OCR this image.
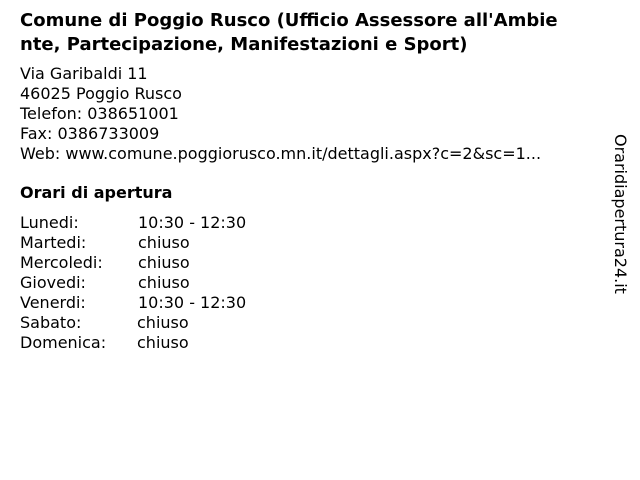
Comune di Poggio Rusco (Ufficio Assessore all'Ambie
nte, Partecipazione, Manifestazioni e Sport)
Via Garibaldi 11
46025 Poggio Rusco
Telefon: 038651001
Fax: 0386733009
Web: www.comune.poggiorusco.mn.it/dettagli.aspx?c=2&sc=1...
Orari di apertura
Lunedi:	10:30 - 12:30
Martedi:	chiuso
Mercoledi: chiuso
Giovedi:	chiuso
Venerdi:	10:30 - 12:30
Sabato:	chiuso
Domenica: chiuso
Oraridiapertura24.it
